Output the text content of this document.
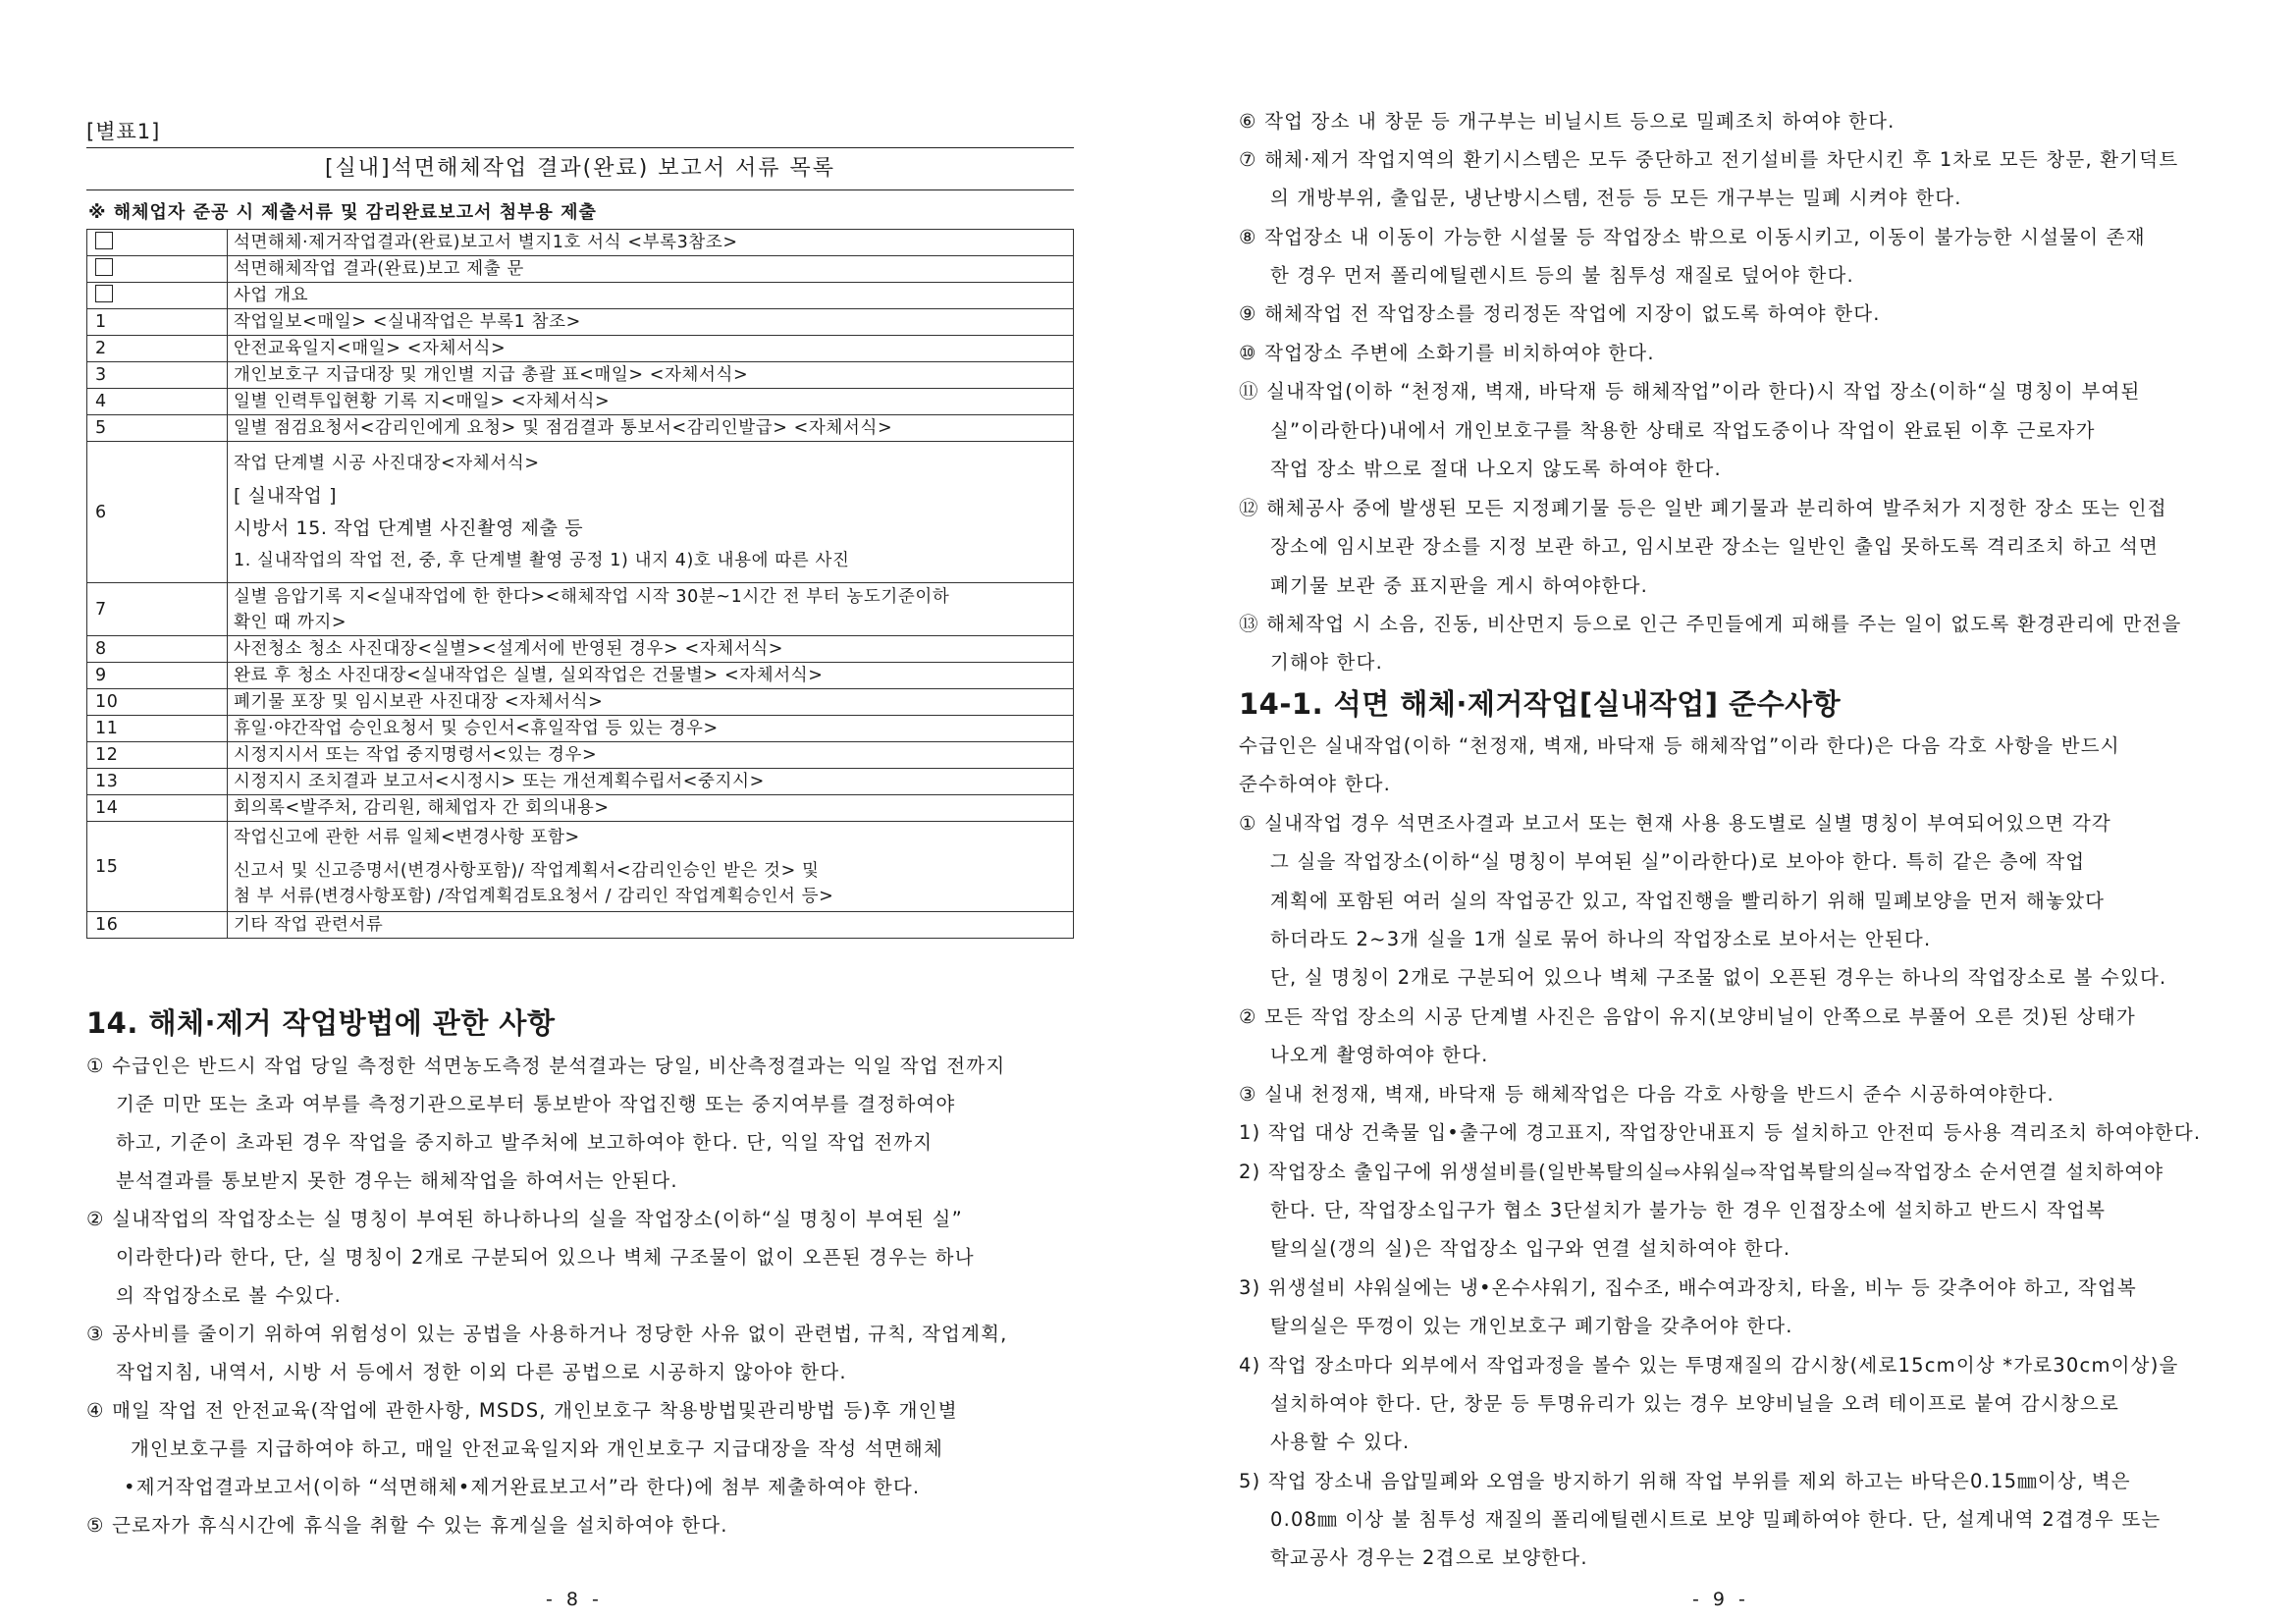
[별표1]
[실내]석면해체작업 결과(완료) 보고서 서류 목록
※ 해체업자 준공 시 제출서류 및 감리완료보고서 첨부용 제출
	석면해체·제거작업결과(완료)보고서 별지1호 서식 <부록3참조>
	석면해체작업 결과(완료)보고 제출 문
	사업 개요
1	작업일보<매일> <실내작업은 부록1 참조>
2	안전교육일지<매일> <자체서식>
3	개인보호구 지급대장 및 개인별 지급 총괄 표<매일> <자체서식>
4	일별 인력투입현황 기록 지<매일> <자체서식>
5	일별 점검요청서<감리인에게 요청> 및 점검결과 통보서<감리인발급> <자체서식>
6	작업 단계별 시공 사진대장<자체서식>
[ 실내작업 ]
시방서 15. 작업 단계별 사진촬영 제출 등
1. 실내작업의 작업 전, 중, 후 단계별 촬영 공정 1) 내지 4)호 내용에 따른 사진

7	실별 음압기록 지<실내작업에 한 한다><해체작업 시작 30분~1시간 전 부터 농도기준이하
확인 때 까지>

8	사전청소 청소 사진대장<실별><설계서에 반영된 경우> <자체서식>
9	완료 후 청소 사진대장<실내작업은 실별, 실외작업은 건물별> <자체서식>
10	폐기물 포장 및 임시보관 사진대장 <자체서식>
11	휴일·야간작업 승인요청서 및 승인서<휴일작업 등 있는 경우>
12	시정지시서 또는 작업 중지명령서<있는 경우>
13	시정지시 조치결과 보고서<시정시> 또는 개선계획수립서<중지시>
14	회의록<발주처, 감리원, 해체업자 간 회의내용>
15	작업신고에 관한 서류 일체<변경사항 포함>
신고서 및 신고증명서(변경사항포함)/ 작업계획서<감리인승인 받은 것> 및
첨 부 서류(변경사항포함) /작업계획검토요청서 / 감리인 작업계획승인서 등>

16	기타 작업 관련서류
14. 해체·제거 작업방법에 관한 사항
① 수급인은 반드시 작업 당일 측정한 석면농도측정 분석결과는 당일, 비산측정결과는 익일 작업 전까지
기준 미만 또는 초과 여부를 측정기관으로부터 통보받아 작업진행 또는 중지여부를 결정하여야
하고, 기준이 초과된 경우 작업을 중지하고 발주처에 보고하여야 한다. 단, 익일 작업 전까지
분석결과를 통보받지 못한 경우는 해체작업을 하여서는 안된다.
② 실내작업의 작업장소는 실 명칭이 부여된 하나하나의 실을 작업장소(이하“실 명칭이 부여된 실”
이라한다)라 한다, 단, 실 명칭이 2개로 구분되어 있으나 벽체 구조물이 없이 오픈된 경우는 하나
의 작업장소로 볼 수있다.
③ 공사비를 줄이기 위하여 위험성이 있는 공법을 사용하거나 정당한 사유 없이 관련법, 규칙, 작업계획,
작업지침, 내역서, 시방 서 등에서 정한 이외 다른 공법으로 시공하지 않아야 한다.
④ 매일 작업 전 안전교육(작업에 관한사항, MSDS, 개인보호구 착용방법및관리방법 등)후 개인별
개인보호구를 지급하여야 하고, 매일 안전교육일지와 개인보호구 지급대장을 작성 석면해체
•제거작업결과보고서(이하 “석면해체•제거완료보고서”라 한다)에 첨부 제출하여야 한다.
⑤ 근로자가 휴식시간에 휴식을 취할 수 있는 휴게실을 설치하여야 한다.
- 8 -
⑥ 작업 장소 내 창문 등 개구부는 비닐시트 등으로 밀폐조치 하여야 한다.
⑦ 해체·제거 작업지역의 환기시스템은 모두 중단하고 전기설비를 차단시킨 후 1차로 모든 창문, 환기덕트
의 개방부위, 출입문, 냉난방시스템, 전등 등 모든 개구부는 밀폐 시켜야 한다.
⑧ 작업장소 내 이동이 가능한 시설물 등 작업장소 밖으로 이동시키고, 이동이 불가능한 시설물이 존재
한 경우 먼저 폴리에틸렌시트 등의 불 침투성 재질로 덮어야 한다.
⑨ 해체작업 전 작업장소를 정리정돈 작업에 지장이 없도록 하여야 한다.
⑩ 작업장소 주변에 소화기를 비치하여야 한다.
⑪ 실내작업(이하 “천정재, 벽재, 바닥재 등 해체작업”이라 한다)시 작업 장소(이하“실 명칭이 부여된
실”이라한다)내에서 개인보호구를 착용한 상태로 작업도중이나 작업이 완료된 이후 근로자가
작업 장소 밖으로 절대 나오지 않도록 하여야 한다.
⑫ 해체공사 중에 발생된 모든 지정폐기물 등은 일반 폐기물과 분리하여 발주처가 지정한 장소 또는 인접
장소에 임시보관 장소를 지정 보관 하고, 임시보관 장소는 일반인 출입 못하도록 격리조치 하고 석면
폐기물 보관 중 표지판을 게시 하여야한다.
⑬ 해체작업 시 소음, 진동, 비산먼지 등으로 인근 주민들에게 피해를 주는 일이 없도록 환경관리에 만전을
기해야 한다.
14-1. 석면 해체·제거작업[실내작업] 준수사항
수급인은 실내작업(이하 “천정재, 벽재, 바닥재 등 해체작업”이라 한다)은 다음 각호 사항을 반드시
준수하여야 한다.
① 실내작업 경우 석면조사결과 보고서 또는 현재 사용 용도별로 실별 명칭이 부여되어있으면 각각
그 실을 작업장소(이하“실 명칭이 부여된 실”이라한다)로 보아야 한다. 특히 같은 층에 작업
계획에 포함된 여러 실의 작업공간 있고, 작업진행을 빨리하기 위해 밀폐보양을 먼저 해놓았다
하더라도 2~3개 실을 1개 실로 묶어 하나의 작업장소로 보아서는 안된다.
단, 실 명칭이 2개로 구분되어 있으나 벽체 구조물 없이 오픈된 경우는 하나의 작업장소로 볼 수있다.
② 모든 작업 장소의 시공 단계별 사진은 음압이 유지(보양비닐이 안쪽으로 부풀어 오른 것)된 상태가
나오게 촬영하여야 한다.
③ 실내 천정재, 벽재, 바닥재 등 해체작업은 다음 각호 사항을 반드시 준수 시공하여야한다.
1) 작업 대상 건축물 입•출구에 경고표지, 작업장안내표지 등 설치하고 안전띠 등사용 격리조치 하여야한다.
2) 작업장소 출입구에 위생설비를(일반복탈의실⇨샤워실⇨작업복탈의실⇨작업장소 순서연결 설치하여야
한다. 단, 작업장소입구가 협소 3단설치가 불가능 한 경우 인접장소에 설치하고 반드시 작업복
탈의실(갱의 실)은 작업장소 입구와 연결 설치하여야 한다.
3) 위생설비 샤워실에는 냉•온수샤워기, 집수조, 배수여과장치, 타올, 비누 등 갖추어야 하고, 작업복
탈의실은 뚜껑이 있는 개인보호구 폐기함을 갖추어야 한다.
4) 작업 장소마다 외부에서 작업과정을 볼수 있는 투명재질의 감시창(세로15cm이상 *가로30cm이상)을
설치하여야 한다. 단, 창문 등 투명유리가 있는 경우 보양비닐을 오려 테이프로 붙여 감시창으로
사용할 수 있다.
5) 작업 장소내 음압밀폐와 오염을 방지하기 위해 작업 부위를 제외 하고는 바닥은0.15㎜이상, 벽은
0.08㎜ 이상 불 침투성 재질의 폴리에틸렌시트로 보양 밀폐하여야 한다. 단, 설계내역 2겹경우 또는
학교공사 경우는 2겹으로 보양한다.
- 9 -
